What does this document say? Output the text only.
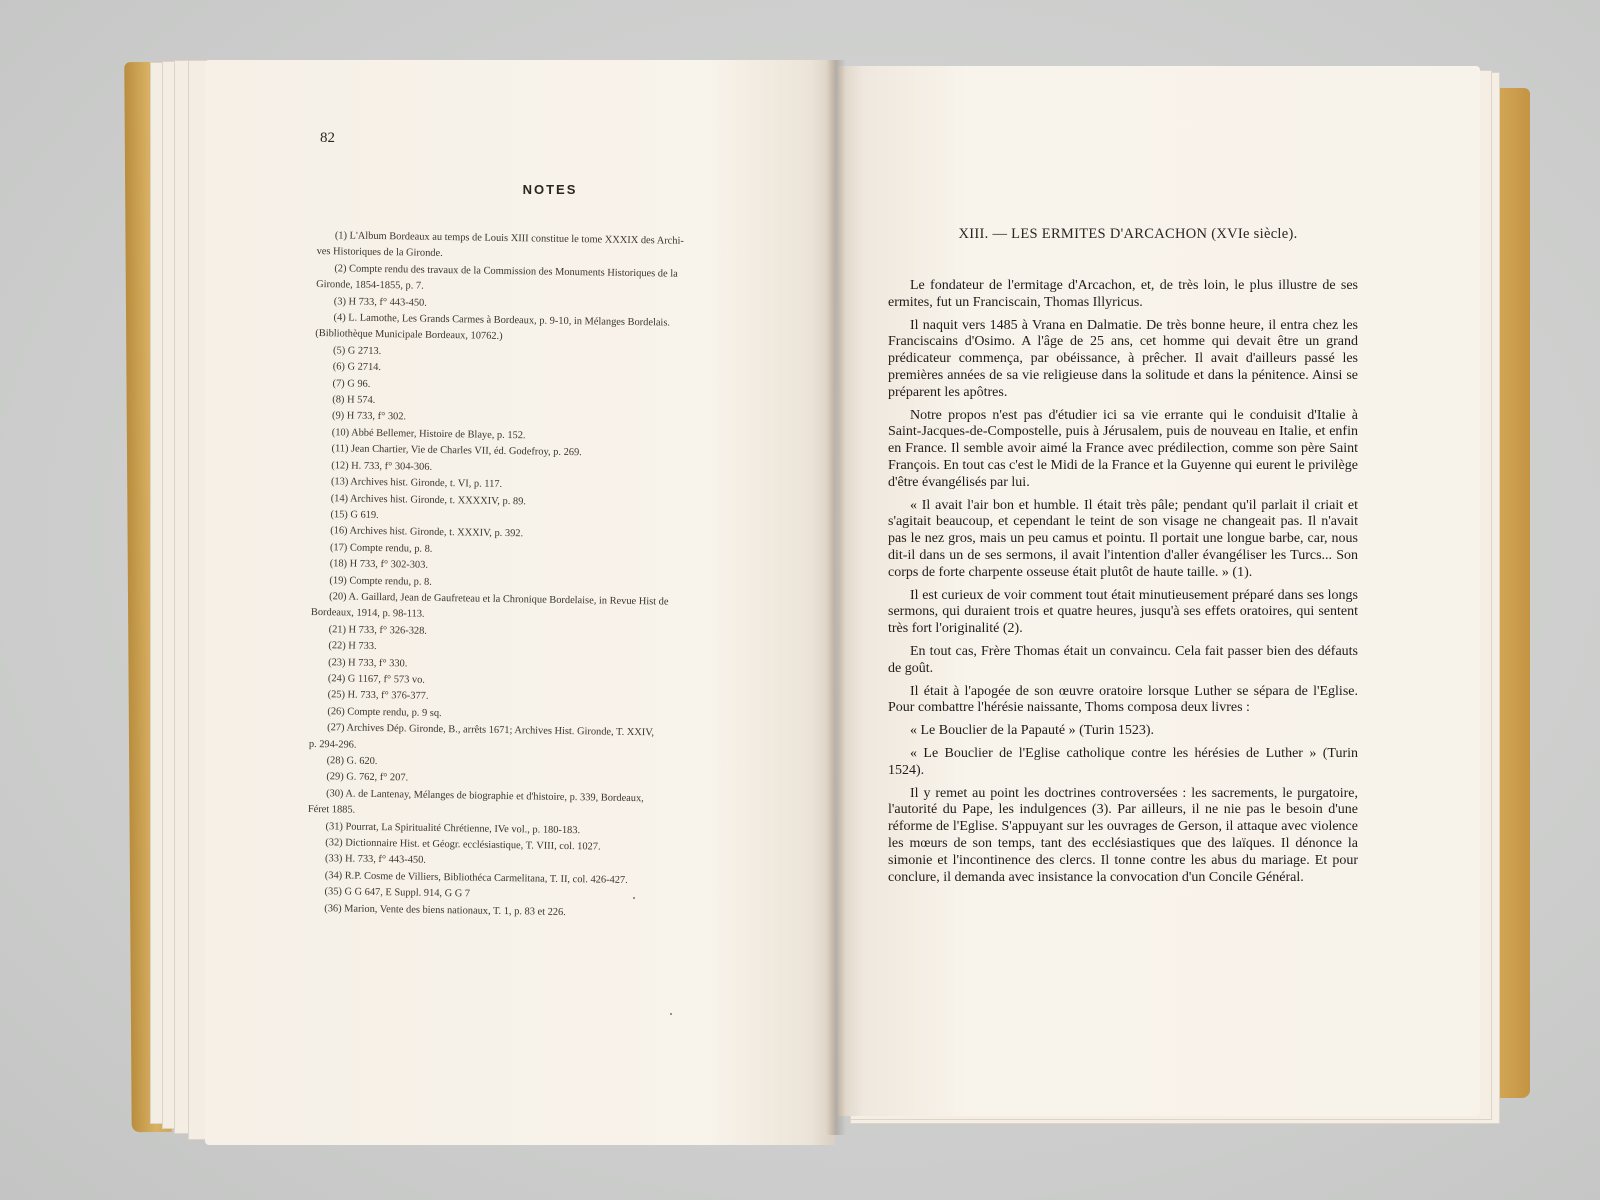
82
NOTES
(1) L'Album Bordeaux au temps de Louis XIII constitue le tome XXXIX des Archi-
ves Historiques de la Gironde.
(2) Compte rendu des travaux de la Commission des Monuments Historiques de la
Gironde, 1854-1855, p. 7.
(3) H 733, f° 443-450.
(4) L. Lamothe, Les Grands Carmes à Bordeaux, p. 9-10, in Mélanges Bordelais.
(Bibliothèque Municipale Bordeaux, 10762.)
(5) G 2713.
(6) G 2714.
(7) G 96.
(8) H 574.
(9) H 733, f° 302.
(10) Abbé Bellemer, Histoire de Blaye, p. 152.
(11) Jean Chartier, Vie de Charles VII, éd. Godefroy, p. 269.
(12) H. 733, f° 304-306.
(13) Archives hist. Gironde, t. VI, p. 117.
(14) Archives hist. Gironde, t. XXXXIV, p. 89.
(15) G 619.
(16) Archives hist. Gironde, t. XXXIV, p. 392.
(17) Compte rendu, p. 8.
(18) H 733, f° 302-303.
(19) Compte rendu, p. 8.
(20) A. Gaillard, Jean de Gaufreteau et la Chronique Bordelaise, in Revue Hist de
Bordeaux, 1914, p. 98-113.
(21) H 733, f° 326-328.
(22) H 733.
(23) H 733, f° 330.
(24) G 1167, f° 573 vo.
(25) H. 733, f° 376-377.
(26) Compte rendu, p. 9 sq.
(27) Archives Dép. Gironde, B., arrêts 1671; Archives Hist. Gironde, T. XXIV,
p. 294-296.
(28) G. 620.
(29) G. 762, f° 207.
(30) A. de Lantenay, Mélanges de biographie et d'histoire, p. 339, Bordeaux,
Féret 1885.
(31) Pourrat, La Spiritualité Chrétienne, IVe vol., p. 180-183.
(32) Dictionnaire Hist. et Géogr. ecclésiastique, T. VIII, col. 1027.
(33) H. 733, f° 443-450.
(34) R.P. Cosme de Villiers, Bibliothéca Carmelitana, T. II, col. 426-427.
(35) G G 647, E Suppl. 914, G G 7
(36) Marion, Vente des biens nationaux, T. 1, p. 83 et 226.
XIII. — LES ERMITES D'ARCACHON (XVIe siècle).

Le fondateur de l'ermitage d'Arcachon, et, de très loin, le plus illustre de ses ermites, fut un Franciscain, Thomas Illyricus.

Il naquit vers 1485 à Vrana en Dalmatie. De très bonne heure, il entra chez les Franciscains d'Osimo. A l'âge de 25 ans, cet homme qui devait être un grand prédicateur commença, par obéissance, à prêcher. Il avait d'ailleurs passé les premières années de sa vie religieuse dans la solitude et dans la pénitence. Ainsi se préparent les apôtres.

Notre propos n'est pas d'étudier ici sa vie errante qui le conduisit d'Italie à Saint-Jacques-de-Compostelle, puis à Jérusalem, puis de nouveau en Italie, et enfin en France. Il semble avoir aimé la France avec prédilection, comme son père Saint François. En tout cas c'est le Midi de la France et la Guyenne qui eurent le privilège d'être évangélisés par lui.

« Il avait l'air bon et humble. Il était très pâle; pendant qu'il parlait il criait et s'agitait beaucoup, et cependant le teint de son visage ne changeait pas. Il n'avait pas le nez gros, mais un peu camus et pointu. Il portait une longue barbe, car, nous dit-il dans un de ses sermons, il avait l'intention d'aller évangéliser les Turcs... Son corps de forte charpente osseuse était plutôt de haute taille. » (1).

Il est curieux de voir comment tout était minutieusement préparé dans ses longs sermons, qui duraient trois et quatre heures, jusqu'à ses effets oratoires, qui sentent très fort l'originalité (2).

En tout cas, Frère Thomas était un convaincu. Cela fait passer bien des défauts de goût.

Il était à l'apogée de son œuvre oratoire lorsque Luther se sépara de l'Eglise. Pour combattre l'hérésie naissante, Thoms composa deux livres :

« Le Bouclier de la Papauté » (Turin 1523).

« Le Bouclier de l'Eglise catholique contre les hérésies de Luther » (Turin 1524).

Il y remet au point les doctrines controversées : les sacrements, le purgatoire, l'autorité du Pape, les indulgences (3). Par ailleurs, il ne nie pas le besoin d'une réforme de l'Eglise. S'appuyant sur les ouvrages de Gerson, il attaque avec violence les mœurs de son temps, tant des ecclésiastiques que des laïques. Il dénonce la simonie et l'incontinence des clercs. Il tonne contre les abus du mariage. Et pour conclure, il demanda avec insistance la convocation d'un Concile Général.
